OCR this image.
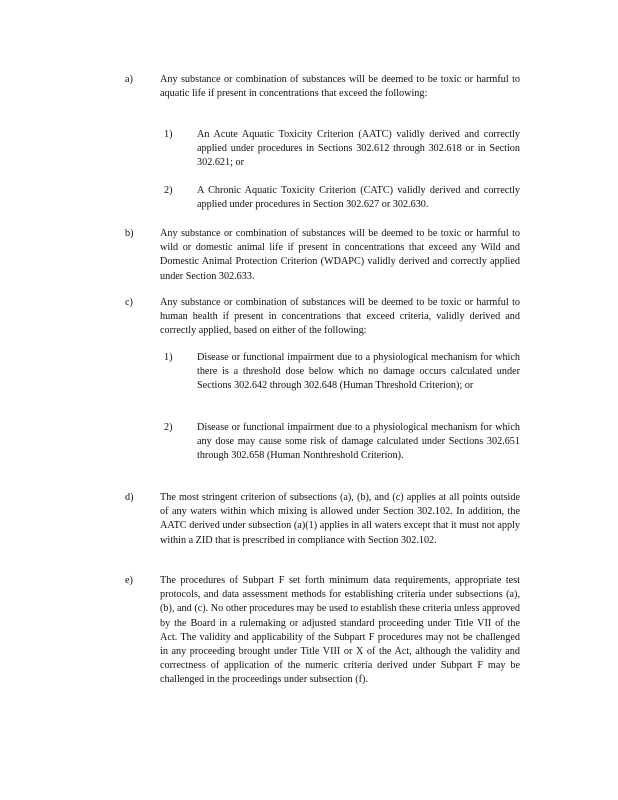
a)	Any substance or combination of substances will be deemed to be toxic or harmful to aquatic life if present in concentrations that exceed the following:

1) An Acute Aquatic Toxicity Criterion (AATC) validly derived and correctly applied under procedures in Sections 302.612 through 302.618 or in Section 302.621; or

2) A Chronic Aquatic Toxicity Criterion (CATC) validly derived and correctly applied under procedures in Section 302.627 or 302.630.

b)	Any substance or combination of substances will be deemed to be toxic or harmful to wild or domestic animal life if present in concentrations that exceed any Wild and Domestic Animal Protection Criterion (WDAPC) validly derived and correctly applied under Section 302.633.

c)	Any substance or combination of substances will be deemed to be toxic or harmful to human health if present in concentrations that exceed criteria, validly derived and correctly applied, based on either of the following:

1) Disease or functional impairment due to a physiological mechanism for which there is a threshold dose below which no damage occurs calculated under Sections 302.642 through 302.648 (Human Threshold Criterion); or

2) Disease or functional impairment due to a physiological mechanism for which any dose may cause some risk of damage calculated under Sections 302.651 through 302.658 (Human Nonthreshold Criterion).

d)	The most stringent criterion of subsections (a), (b), and (c) applies at all points outside of any waters within which mixing is allowed under Section 302.102. In addition, the AATC derived under subsection (a)(1) applies in all waters except that it must not apply within a ZID that is prescribed in compliance with Section 302.102.

e)	The procedures of Subpart F set forth minimum data requirements, appropriate test protocols, and data assessment methods for establishing criteria under subsections (a), (b), and (c). No other procedures may be used to establish these criteria unless approved by the Board in a rulemaking or adjusted standard proceeding under Title VII of the Act. The validity and applicability of the Subpart F procedures may not be challenged in any proceeding brought under Title VIII or X of the Act, although the validity and correctness of application of the numeric criteria derived under Subpart F may be challenged in the proceedings under subsection (f).
